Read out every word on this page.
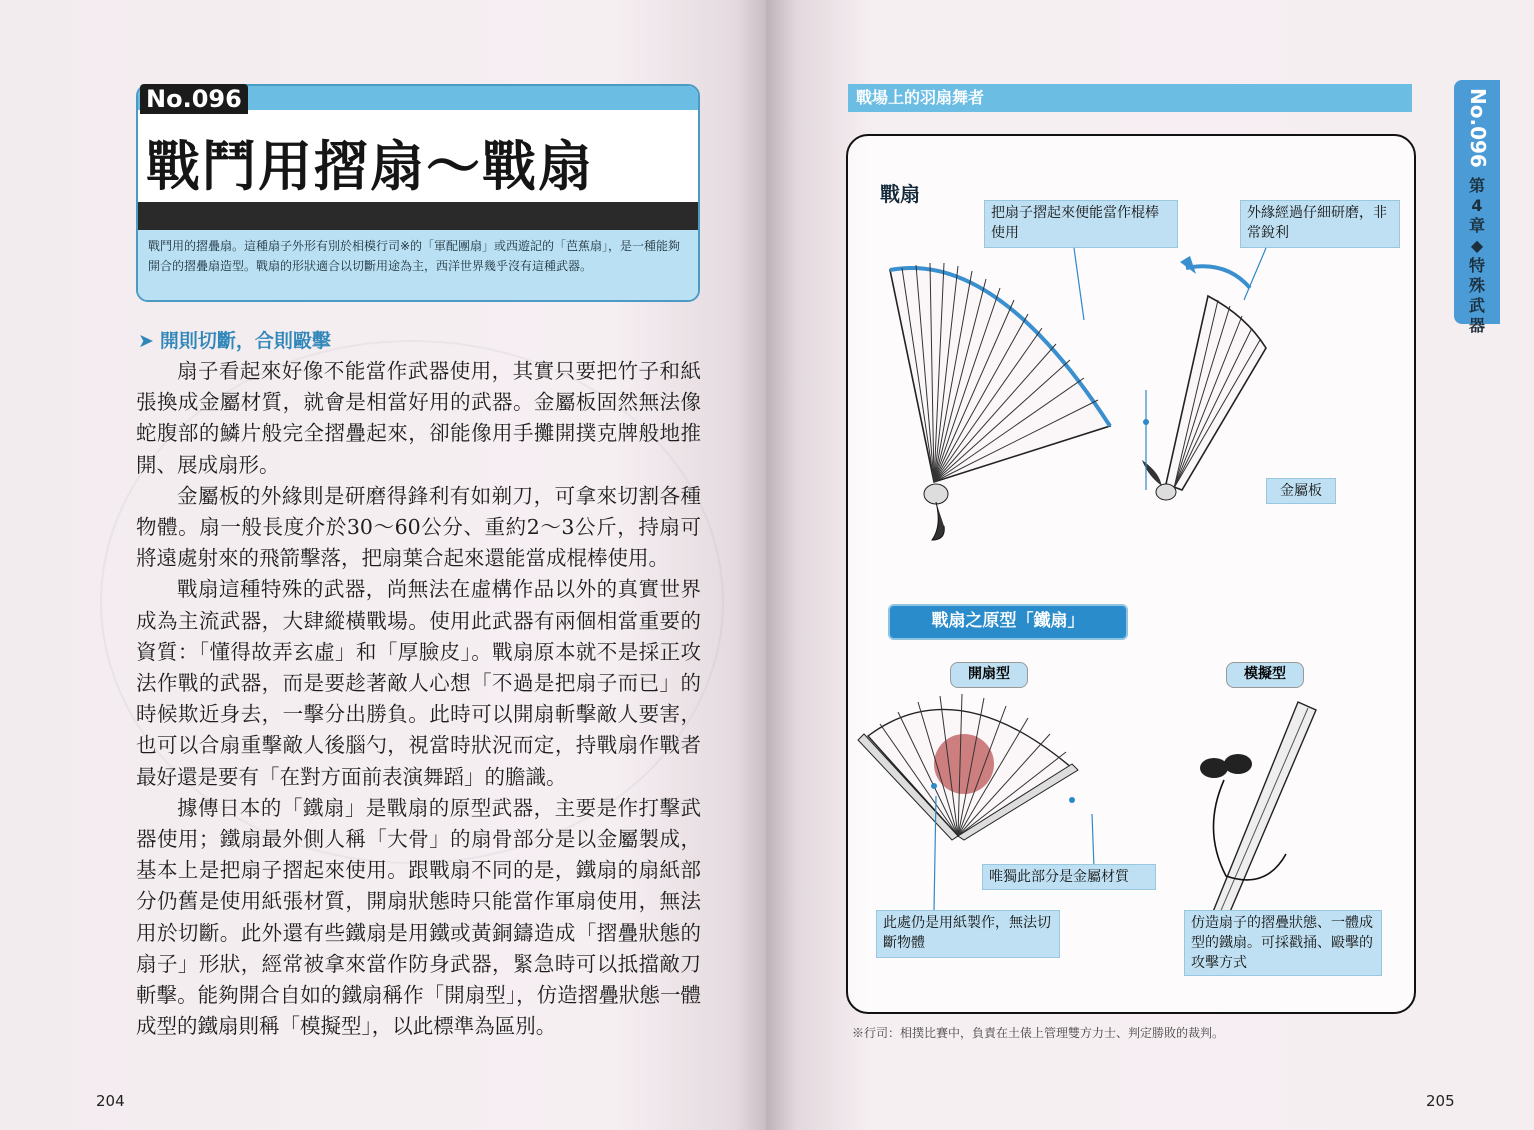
No.096
戰鬥用摺扇～戰扇

戰鬥用的摺疊扇。這種扇子外形有別於相模行司※的「軍配團扇」或西遊記的「芭蕉扇」，是一種能夠開合的摺疊扇造型。戰扇的形狀適合以切斷用途為主，西洋世界幾乎沒有這種武器。

➤ 開則切斷，合則毆擊

扇子看起來好像不能當作武器使用，其實只要把竹子和紙張換成金屬材質，就會是相當好用的武器。金屬板固然無法像蛇腹部的鱗片般完全摺疊起來，卻能像用手攤開撲克牌般地推開、展成扇形。

金屬板的外緣則是研磨得鋒利有如剃刀，可拿來切割各種物體。扇一般長度介於30～60公分、重約2～3公斤，持扇可將遠處射來的飛箭擊落，把扇葉合起來還能當成棍棒使用。

戰扇這種特殊的武器，尚無法在虛構作品以外的真實世界成為主流武器，大肆縱橫戰場。使用此武器有兩個相當重要的資質：「懂得故弄玄虛」和「厚臉皮」。戰扇原本就不是採正攻法作戰的武器，而是要趁著敵人心想「不過是把扇子而已」的時候欺近身去，一擊分出勝負。此時可以開扇斬擊敵人要害，也可以合扇重擊敵人後腦勺，視當時狀況而定，持戰扇作戰者最好還是要有「在對方面前表演舞蹈」的膽識。

據傳日本的「鐵扇」是戰扇的原型武器，主要是作打擊武器使用；鐵扇最外側人稱「大骨」的扇骨部分是以金屬製成，基本上是把扇子摺起來使用。跟戰扇不同的是，鐵扇的扇紙部分仍舊是使用紙張材質，開扇狀態時只能當作軍扇使用，無法用於切斷。此外還有些鐵扇是用鐵或黃銅鑄造成「摺疊狀態的扇子」形狀，經常被拿來當作防身武器，緊急時可以抵擋敵刀斬擊。能夠開合自如的鐵扇稱作「開扇型」，仿造摺疊狀態一體成型的鐵扇則稱「模擬型」，以此標準為區別。

204
戰場上的羽扇舞者
戰扇
把扇子摺起來便能當作棍棒使用
外緣經過仔細研磨，非常銳利
金屬板
戰扇之原型「鐵扇」
開扇型	模擬型
唯獨此部分是金屬材質
此處仍是用紙製作，無法切斷物體
仿造扇子的摺疊狀態、一體成型的鐵扇。可採戳捅、毆擊的攻擊方式
※行司：相撲比賽中，負責在土俵上管理雙方力士、判定勝敗的裁判。
No.096
第4章◆特殊武器
205
